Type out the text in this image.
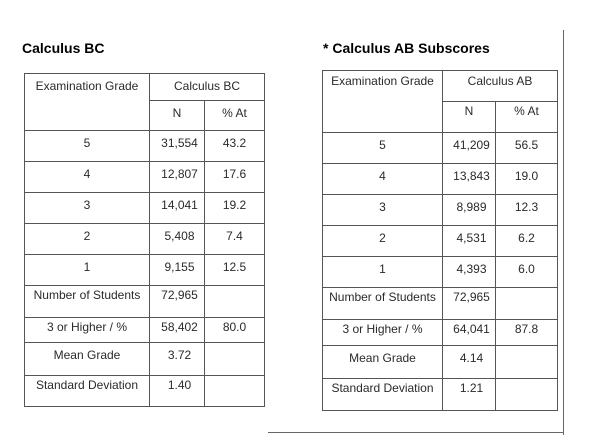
Calculus BC
Examination Grade	Calculus BC	

	N	% At

5	31,554	43.2

4	12,807	17.6

3	14,041	19.2

2	5,408	7.4

1	9,155	12.5

Number of Students	72,965	

3 or Higher / %	58,402	80.0

Mean Grade	3.72	

Standard Deviation	1.40	

* Calculus AB Subscores
Examination Grade	Calculus AB	

	N	% At

5	41,209	56.5

4	13,843	19.0

3	8,989	12.3

2	4,531	6.2

1	4,393	6.0

Number of Students	72,965	

3 or Higher / %	64,041	87.8

Mean Grade	4.14	

Standard Deviation	1.21	
